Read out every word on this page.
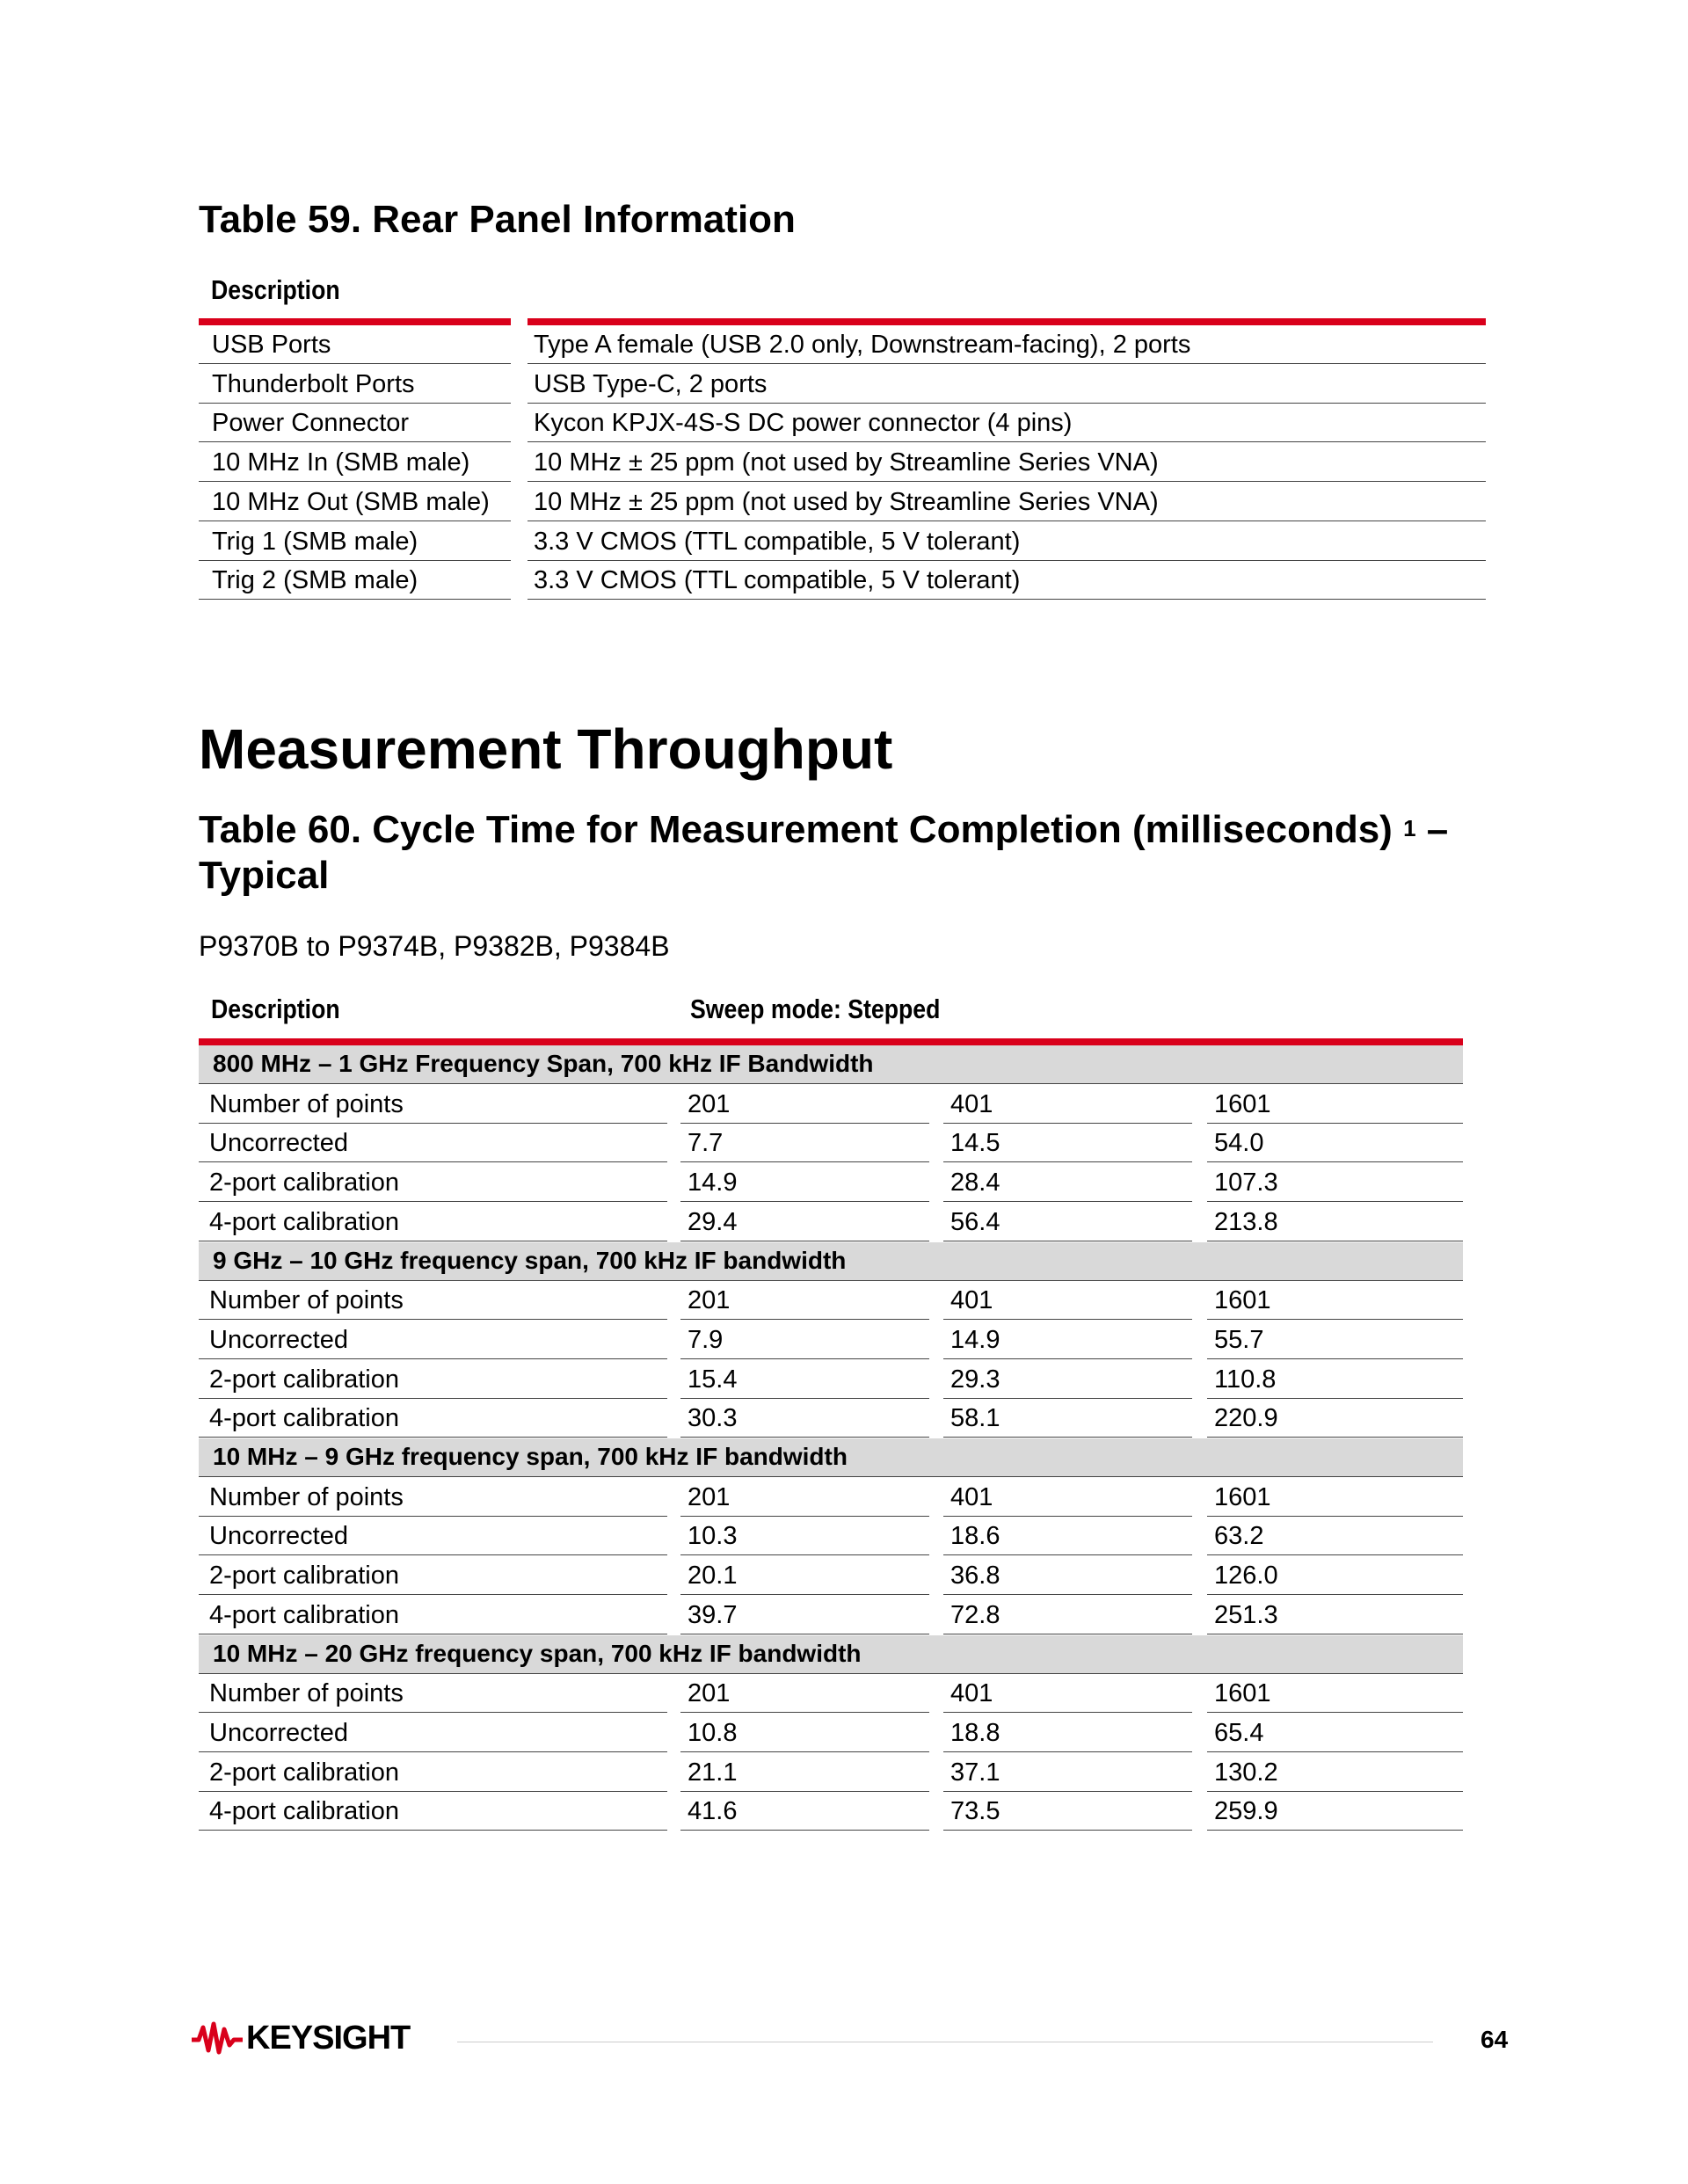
Table 59. Rear Panel Information
Description
USB Ports	Type A female (USB 2.0 only, Downstream-facing), 2 ports
Thunderbolt Ports	USB Type-C, 2 ports
Power Connector	Kycon KPJX-4S-S DC power connector (4 pins)
10 MHz In (SMB male)	10 MHz ± 25 ppm (not used by Streamline Series VNA)
10 MHz Out (SMB male)	10 MHz ± 25 ppm (not used by Streamline Series VNA)
Trig 1 (SMB male)	3.3 V CMOS (TTL compatible, 5 V tolerant)
Trig 2 (SMB male)	3.3 V CMOS (TTL compatible, 5 V tolerant)
Measurement Throughput
Table 60. Cycle Time for Measurement Completion (milliseconds) $^1$ – Typical
P9370B to P9374B, P9382B, P9384B
Description	Sweep mode: Stepped
800 MHz – 1 GHz Frequency Span, 700 kHz IF Bandwidth
Number of points	201	401	1601
Uncorrected	7.7	14.5	54.0
2-port calibration	14.9	28.4	107.3
4-port calibration	29.4	56.4	213.8
9 GHz – 10 GHz frequency span, 700 kHz IF bandwidth
Number of points	201	401	1601
Uncorrected	7.9	14.9	55.7
2-port calibration	15.4	29.3	110.8
4-port calibration	30.3	58.1	220.9
10 MHz – 9 GHz frequency span, 700 kHz IF bandwidth
Number of points	201	401	1601
Uncorrected	10.3	18.6	63.2
2-port calibration	20.1	36.8	126.0
4-port calibration	39.7	72.8	251.3
10 MHz – 20 GHz frequency span, 700 kHz IF bandwidth
Number of points	201	401	1601
Uncorrected	10.8	18.8	65.4
2-port calibration	21.1	37.1	130.2
4-port calibration	41.6	73.5	259.9
KEYSIGHT	64
